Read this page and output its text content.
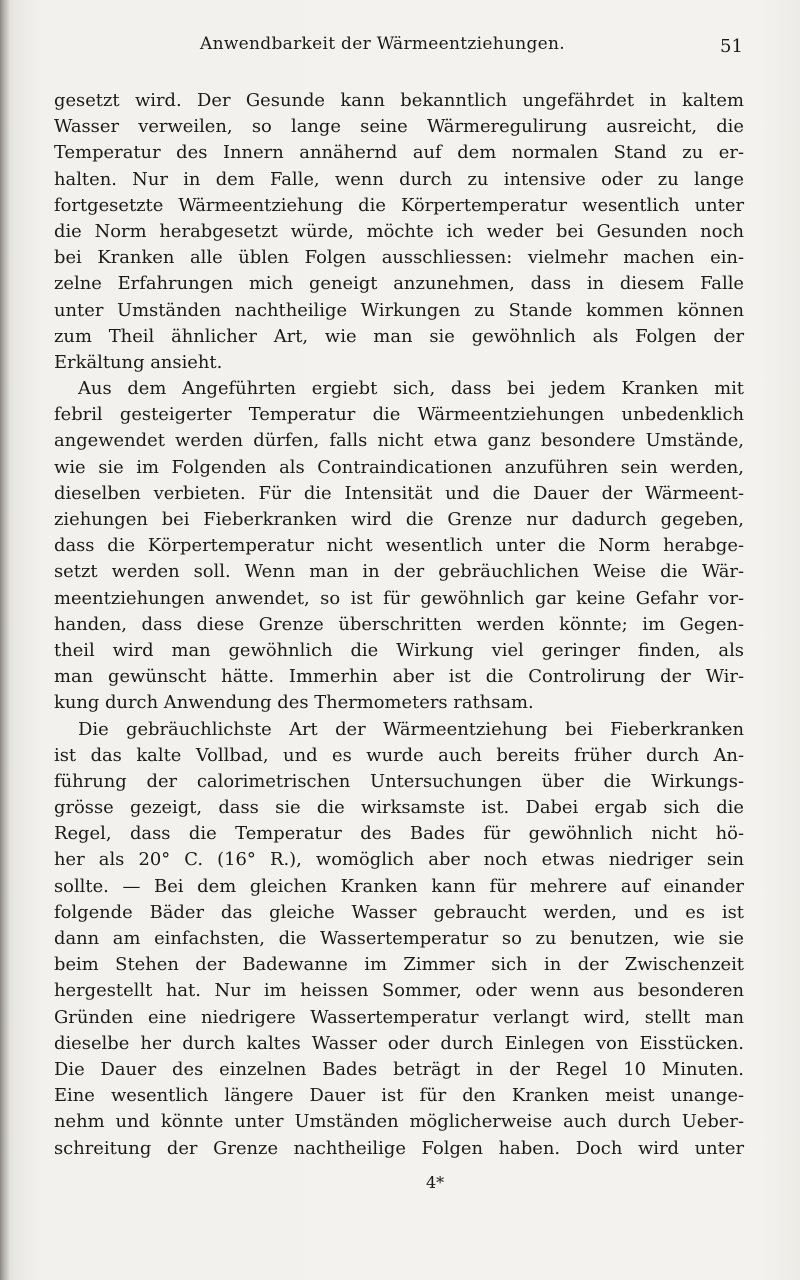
Anwendbarkeit der Wärmeentziehungen.	51
gesetzt wird. Der Gesunde kann bekanntlich ungefährdet in kaltem
Wasser verweilen, so lange seine Wärmeregulirung ausreicht, die
Temperatur des Innern annähernd auf dem normalen Stand zu er-
halten. Nur in dem Falle, wenn durch zu intensive oder zu lange
fortgesetzte Wärmeentziehung die Körpertemperatur wesentlich unter
die Norm herabgesetzt würde, möchte ich weder bei Gesunden noch
bei Kranken alle üblen Folgen ausschliessen: vielmehr machen ein-
zelne Erfahrungen mich geneigt anzunehmen, dass in diesem Falle
unter Umständen nachtheilige Wirkungen zu Stande kommen können
zum Theil ähnlicher Art, wie man sie gewöhnlich als Folgen der
Erkältung ansieht.
Aus dem Angeführten ergiebt sich, dass bei jedem Kranken mit
febril gesteigerter Temperatur die Wärmeentziehungen unbedenklich
angewendet werden dürfen, falls nicht etwa ganz besondere Umstände,
wie sie im Folgenden als Contraindicationen anzuführen sein werden,
dieselben verbieten. Für die Intensität und die Dauer der Wärmeent-
ziehungen bei Fieberkranken wird die Grenze nur dadurch gegeben,
dass die Körpertemperatur nicht wesentlich unter die Norm herabge-
setzt werden soll. Wenn man in der gebräuchlichen Weise die Wär-
meentziehungen anwendet, so ist für gewöhnlich gar keine Gefahr vor-
handen, dass diese Grenze überschritten werden könnte; im Gegen-
theil wird man gewöhnlich die Wirkung viel geringer finden, als
man gewünscht hätte. Immerhin aber ist die Controlirung der Wir-
kung durch Anwendung des Thermometers rathsam.
Die gebräuchlichste Art der Wärmeentziehung bei Fieberkranken
ist das kalte Vollbad, und es wurde auch bereits früher durch An-
führung der calorimetrischen Untersuchungen über die Wirkungs-
grösse gezeigt, dass sie die wirksamste ist. Dabei ergab sich die
Regel, dass die Temperatur des Bades für gewöhnlich nicht hö-
her als 20° C. (16° R.), womöglich aber noch etwas niedriger sein
sollte. — Bei dem gleichen Kranken kann für mehrere auf einander
folgende Bäder das gleiche Wasser gebraucht werden, und es ist
dann am einfachsten, die Wassertemperatur so zu benutzen, wie sie
beim Stehen der Badewanne im Zimmer sich in der Zwischenzeit
hergestellt hat. Nur im heissen Sommer, oder wenn aus besonderen
Gründen eine niedrigere Wassertemperatur verlangt wird, stellt man
dieselbe her durch kaltes Wasser oder durch Einlegen von Eisstücken.
Die Dauer des einzelnen Bades beträgt in der Regel 10 Minuten.
Eine wesentlich längere Dauer ist für den Kranken meist unange-
nehm und könnte unter Umständen möglicherweise auch durch Ueber-
schreitung der Grenze nachtheilige Folgen haben. Doch wird unter
4*
